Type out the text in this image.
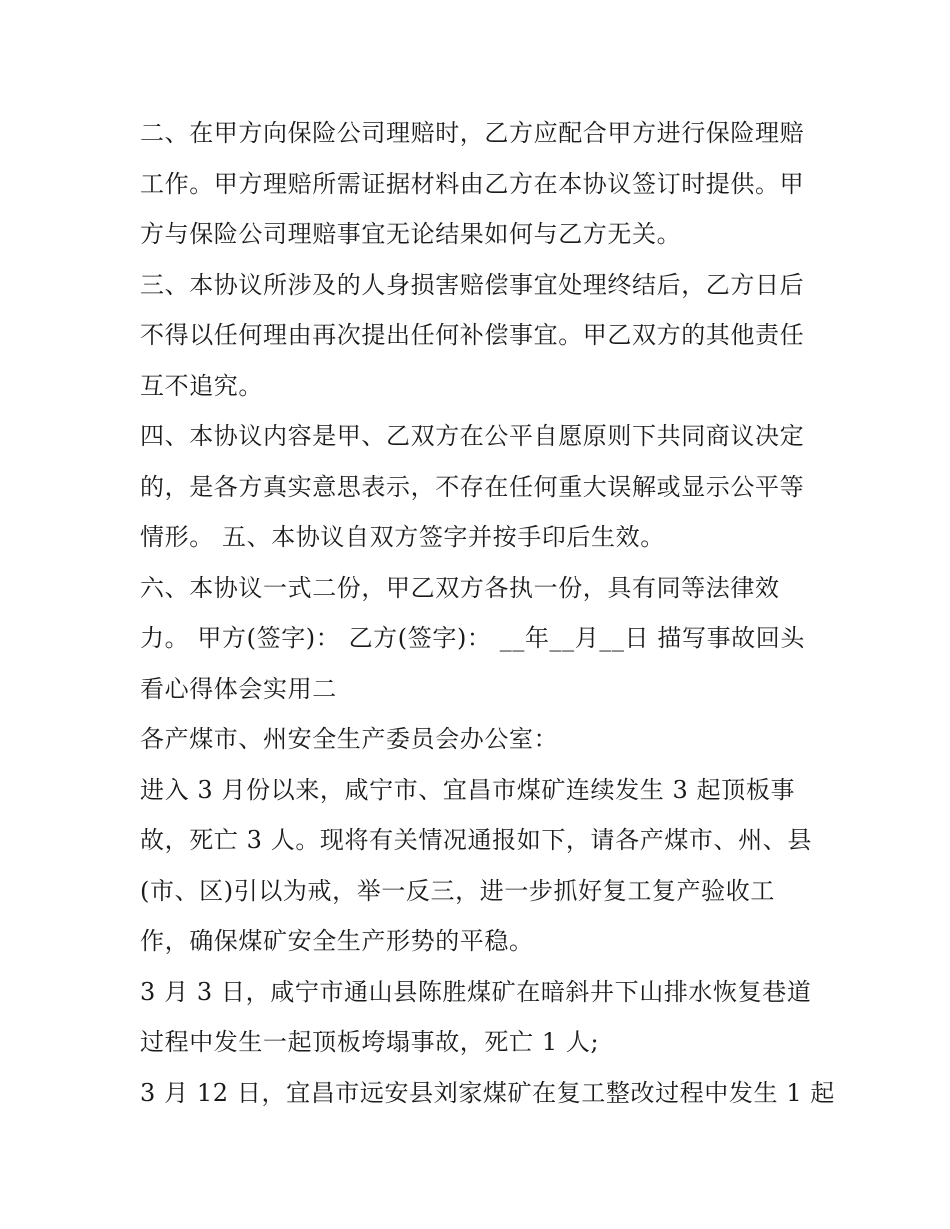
二、在甲方向保险公司理赔时，乙方应配合甲方进行保险理赔
工作。甲方理赔所需证据材料由乙方在本协议签订时提供。甲
方与保险公司理赔事宜无论结果如何与乙方无关。
三、本协议所涉及的人身损害赔偿事宜处理终结后，乙方日后
不得以任何理由再次提出任何补偿事宜。甲乙双方的其他责任
互不追究。
四、本协议内容是甲、乙双方在公平自愿原则下共同商议决定
的，是各方真实意思表示，不存在任何重大误解或显示公平等
情形。 五、本协议自双方签字并按手印后生效。
六、本协议一式二份，甲乙双方各执一份，具有同等法律效
力。 甲方(签字)： 乙方(签字)： __年__月__日 描写事故回头
看心得体会实用二
各产煤市、州安全生产委员会办公室：
进入 3 月份以来，咸宁市、宜昌市煤矿连续发生 3 起顶板事
故，死亡 3 人。现将有关情况通报如下，请各产煤市、州、县
(市、区)引以为戒，举一反三，进一步抓好复工复产验收工
作，确保煤矿安全生产形势的平稳。
3 月 3 日，咸宁市通山县陈胜煤矿在暗斜井下山排水恢复巷道
过程中发生一起顶板垮塌事故，死亡 1 人;
3 月 12 日，宜昌市远安县刘家煤矿在复工整改过程中发生 1 起
